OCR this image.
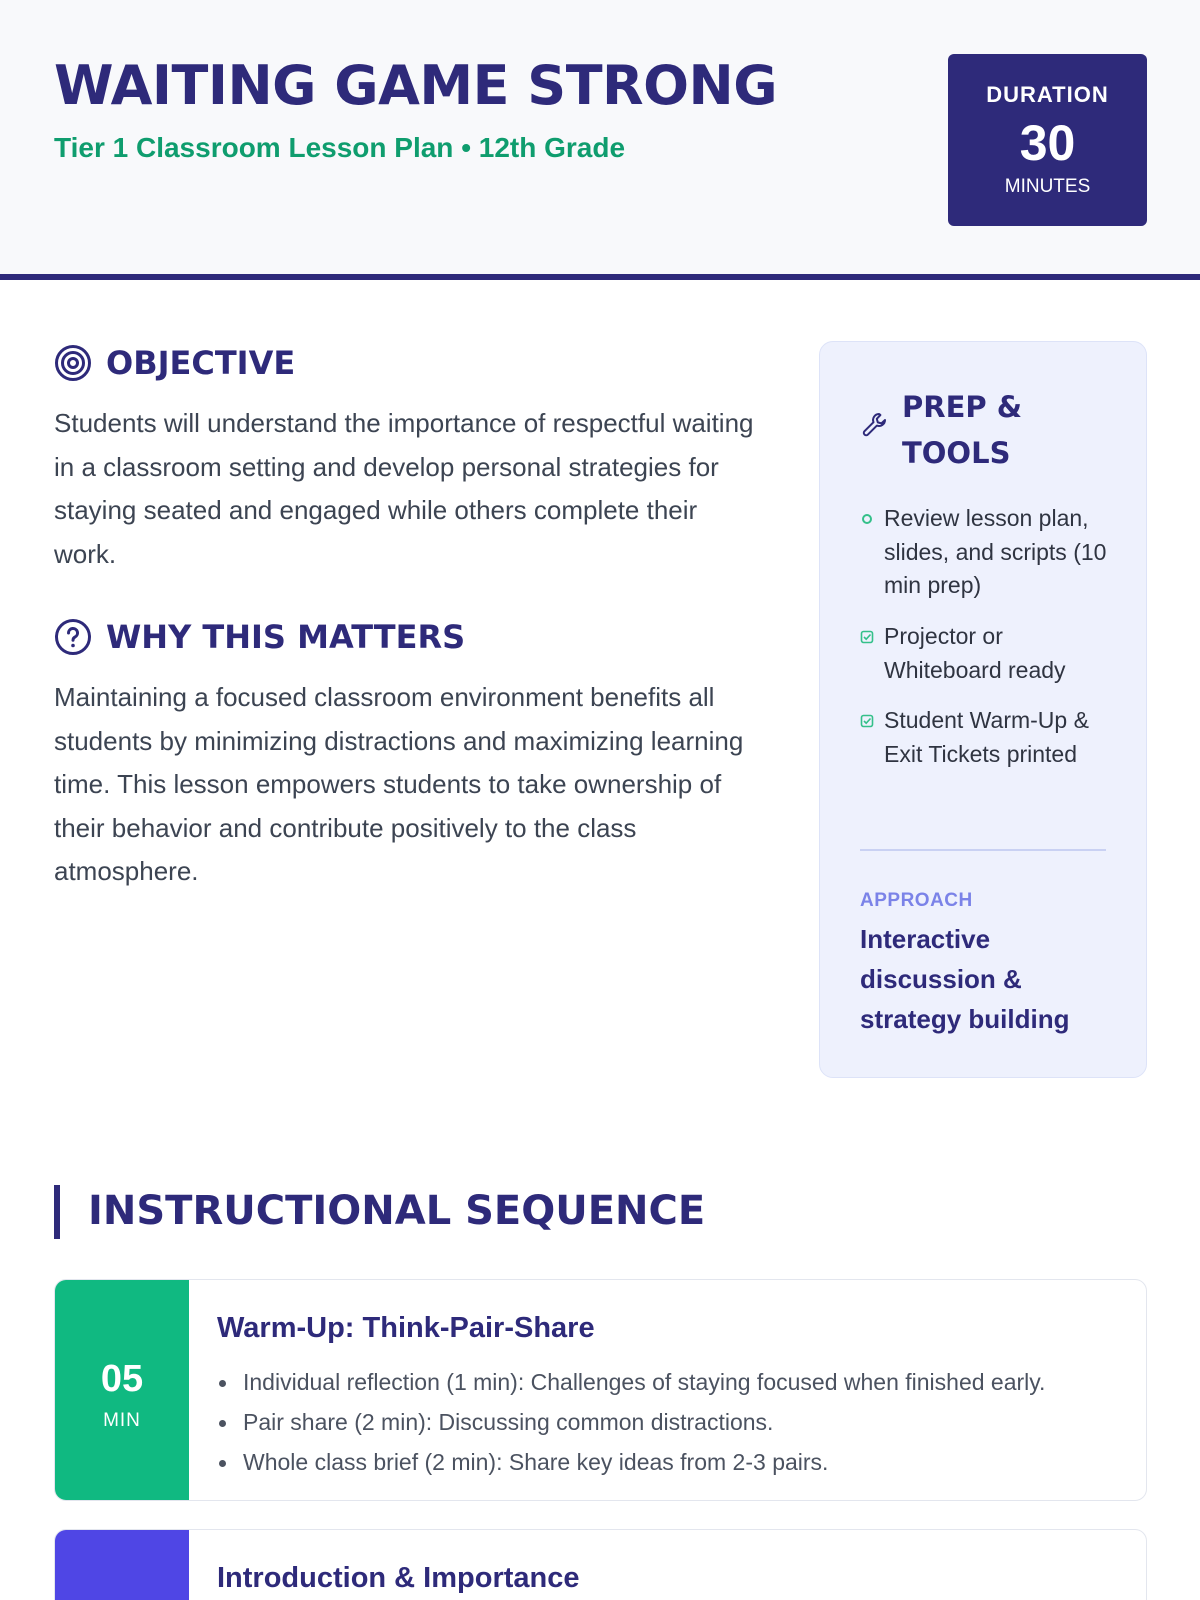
WAITING GAME STRONG
Tier 1 Classroom Lesson Plan • 12th Grade
DURATION
30
MINUTES
OBJECTIVE
Students will understand the importance of respectful waiting in a classroom setting and develop personal strategies for staying seated and engaged while others complete their work.
WHY THIS MATTERS
Maintaining a focused classroom environment benefits all students by minimizing distractions and maximizing learning time. This lesson empowers students to take ownership of their behavior and contribute positively to the class atmosphere.
PREP & TOOLS
Review lesson plan, slides, and scripts (10 min prep)
Projector or Whiteboard ready
Student Warm-Up & Exit Tickets printed
APPROACH
Interactive discussion & strategy building
INSTRUCTIONAL SEQUENCE
05
MIN
Warm-Up: Think-Pair-Share
Individual reflection (1 min): Challenges of staying focused when finished early.
Pair share (2 min): Discussing common distractions.
Whole class brief (2 min): Share key ideas from 2-3 pairs.
Introduction & Importance
